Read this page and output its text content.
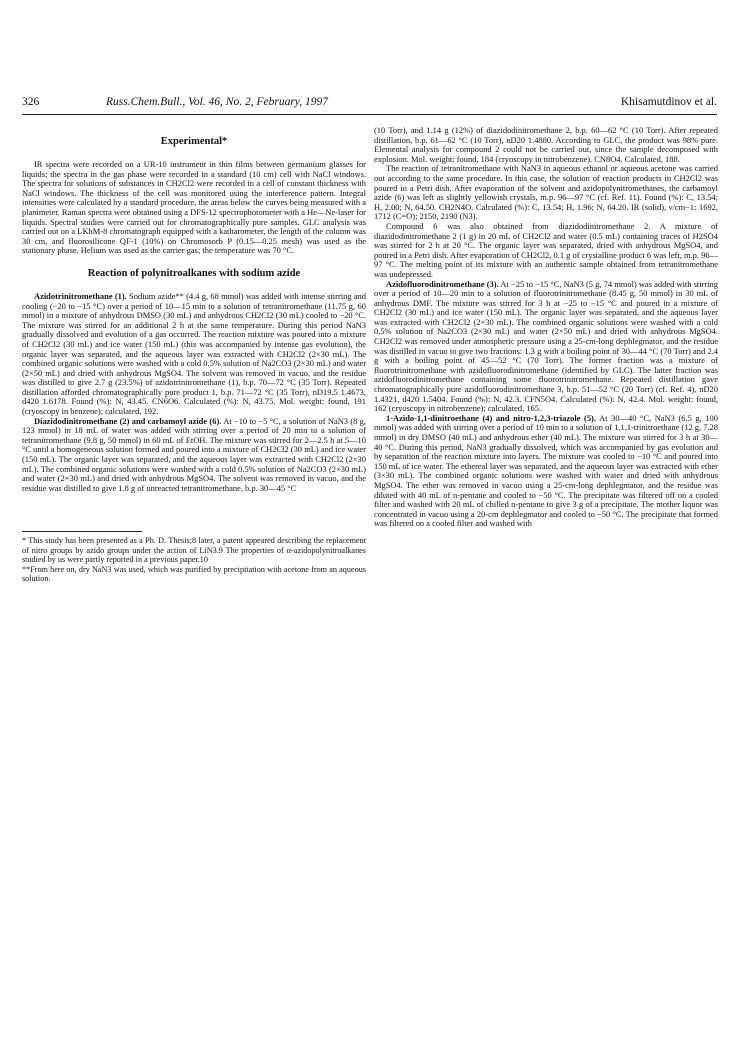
326	Russ.Chem.Bull., Vol. 46, No. 2, February, 1997	Khisamutdinov et al.
Experimental*

IR spectra were recorded on a UR-10 instrument in thin films between germanium glasses for liquids; the spectra in the gas phase were recorded in a standard (10 cm) cell with NaCl windows. The spectra for solutions of substances in CH2Cl2 were recorded in a cell of constant thickness with NaCl windows. The thickness of the cell was monitored using the interference pattern. Integral intensities were calculated by a standard procedure, the areas below the curves being measured with a planimeter. Raman spectra were obtained using a DFS-12 spectrophotometer with a He—Ne-laser for liquids. Spectral studies were carried out for chromatographically pure samples. GLC analysis was carried out on a LKhM-8 chromatograph equipped with a katharometer, the length of the column was 30 cm, and fluorosilicone QF-1 (10%) on Chromosorb P (0.15—0.25 mesh) was used as the stationary phase. Helium was used as the carrier gas; the temperature was 70 °C.

Reaction of polynitroalkanes with sodium azide

Azidotrinitromethane (1). Sodium azide** (4.4 g, 68 mmol) was added with intense stirring and cooling (−20 to −15 °C) over a period of 10—15 min to a solution of tetranitromethane (11.75 g, 60 mmol) in a mixture of anhydrous DMSO (30 mL) and anhydrous CH2Cl2 (30 mL) cooled to −20 °C. The mixture was stirred for an additional 2 h at the same temperature. During this period NaN3 gradually dissolved and evolution of a gas occurred. The reaction mixture was poured into a mixture of CH2Cl2 (30 mL) and ice water (150 mL) (this was accompanied by intense gas evolution), the organic layer was separated, and the aqueous layer was extracted with CH2Cl2 (2×30 mL). The combined organic solutions were washed with a cold 0.5% solution of Na2CO3 (2×30 mL) and water (2×50 mL) and dried with anhydrous MgSO4. The solvent was removed in vacuo, and the residue was distilled to give 2.7 g (23.5%) of azidotrinitromethane (1), b.p. 70—72 °C (35 Torr). Repeated distillation afforded chromatographically pure product 1, b.p. 71—72 °C (35 Torr), nD19.5 1.4673, d420 1.6178. Found (%): N, 43.45. CN6O6. Calculated (%): N, 43.75. Mol. weight: found, 191 (cryoscopy in benzene); calculated, 192.

Diazidodinitromethane (2) and carbamoyl azide (6). At −10 to −5 °C, a solution of NaN3 (8 g, 123 mmol) in 18 mL of water was added with stirring over a period of 20 min to a solution of tetranitromethane (9.8 g, 50 mmol) in 60 mL of EtOH. The mixture was stirred for 2—2.5 h at 5—10 °C until a homogeneous solution formed and poured into a mixture of CH2Cl2 (30 mL) and ice water (150 mL). The organic layer was separated, and the aqueous layer was extracted with CH2Cl2 (2×30 mL). The combined organic solutions were washed with a cold 0.5% solution of Na2CO3 (2×30 mL) and water (2×30 mL) and dried with anhydrous MgSO4. The solvent was removed in vacuo, and the residue was distilled to give 1.8 g of unreacted tetranitromethane, b.p. 30—45 °C

* This study has been presented as a Ph. D. Thesis;8 later, a patent appeared describing the replacement of nitro groups by azido groups under the action of LiN3.9 The properties of α-azidopolynitroalkanes studied by us were partly reported in a previous paper.10

**From here on, dry NaN3 was used, which was purified by precipitation with acetone from an aqueous solution.

(10 Torr), and 1.14 g (12%) of diazidodinitromethane 2, b.p. 60—62 °C (10 Torr). After repeated distillation, b.p. 61—62 °C (10 Torr), nD20 1.4880. According to GLC, the product was 98% pure. Elemental analysis for compound 2 could not be carried out, since the sample decomposed with explosion. Mol. weight: found, 184 (cryoscopy in nitrobenzene). CN8O4. Calculated, 188.

The reaction of tetranitromethane with NaN3 in aqueous ethanol or aqueous acetone was carried out according to the same procedure. In this case, the solution of reaction products in CH2Cl2 was poured in a Petri dish. After evaporation of the solvent and azidopolynitromethanes, the carbamoyl azide (6) was left as slightly yellowish crystals, m.p. 96—97 °C (cf. Ref. 11). Found (%): C, 13.54; H, 2.00; N, 64.50. CH2N4O. Calculated (%): C, 13.54; H, 1.96; N, 64.20. IR (solid), ν/cm−1: 1692, 1712 (C=O); 2150, 2190 (N3).

Compound 6 was also obtained from diazidodinitromethane 2. A mixture of diazidodinitromethane 2 (1 g) in 20 mL of CH2Cl2 and water (0.5 mL) containing traces of H2SO4 was stirred for 2 h at 20 °C. The organic layer was separated, dried with anhydrous MgSO4, and poured in a Petri dish. After evaporation of CH2Cl2, 0.1 g of crystalline product 6 was left, m.p. 96—97 °C. The melting point of its mixture with an authentic sample obtained from tetranitromethane was undepressed.

Azidofluorodinitromethane (3). At −25 to −15 °C, NaN3 (5 g, 74 mmol) was added with stirring over a period of 10—20 min to a solution of fluorotrinitromethane (8.45 g, 50 mmol) in 30 mL of anhydrous DMF. The mixture was stirred for 3 h at −25 to −15 °C and poured in a mixture of CH2Cl2 (30 mL) and ice water (150 mL). The organic layer was separated, and the aqueous layer was extracted with CH2Cl2 (2×30 mL). The combined organic solutions were washed with a cold 0.5% solution of Na2CO3 (2×30 mL) and water (2×50 mL) and dried with anhydrous MgSO4. CH2Cl2 was removed under atmospheric pressure using a 25-cm-long dephlegmator, and the residue was distilled in vacuo to give two fractions: 1.3 g with a boiling point of 30—44 °C (70 Torr) and 2.4 g with a boiling point of 45—52 °C (70 Torr). The former fraction was a mixture of fluorotrinitromethane with azidofluorodinitromethane (identified by GLC). The latter fraction was azidofluorodinitromethane containing some fluorotrinitromethane. Repeated distillation gave chromatographically pure azidofluorodinitromethane 3, b.p. 51—52 °C (20 Torr) (cf. Ref. 4), nD20 1.4321, d420 1.5404. Found (%): N, 42.3. CFN5O4. Calculated (%): N, 42.4. Mol. weight: found, 162 (cryoscopy in nitrobenzene); calculated, 165.

1-Azido-1,1-dinitroethane (4) and nitro-1,2,3-triazole (5). At 30—40 °C, NaN3 (6.5 g, 100 mmol) was added with stirring over a period of 10 min to a solution of 1,1,1-trinitroethane (12 g, 7.28 mmol) in dry DMSO (40 mL) and anhydrous ether (40 mL). The mixture was stirred for 3 h at 30—40 °C. During this period, NaN3 gradually dissolved, which was accompanied by gas evolution and by separation of the reaction mixture into layers. The mixture was cooled to −10 °C and poured into 150 mL of ice water. The ethereal layer was separated, and the aqueous layer was extracted with ether (3×30 mL). The combined organic solutions were washed with water and dried with anhydrous MgSO4. The ether was removed in vacuo using a 25-cm-long dephlegmator, and the residue was diluted with 40 mL of n-pentane and cooled to −50 °C. The precipitate was filtered off on a cooled filter and washed with 20 mL of chilled n-pentane to give 3 g of a precipitate. The mother liquor was concentrated in vacuo using a 20-cm dephlegmator and cooled to −50 °C. The precipitate that formed was filtered on a cooled filter and washed with
